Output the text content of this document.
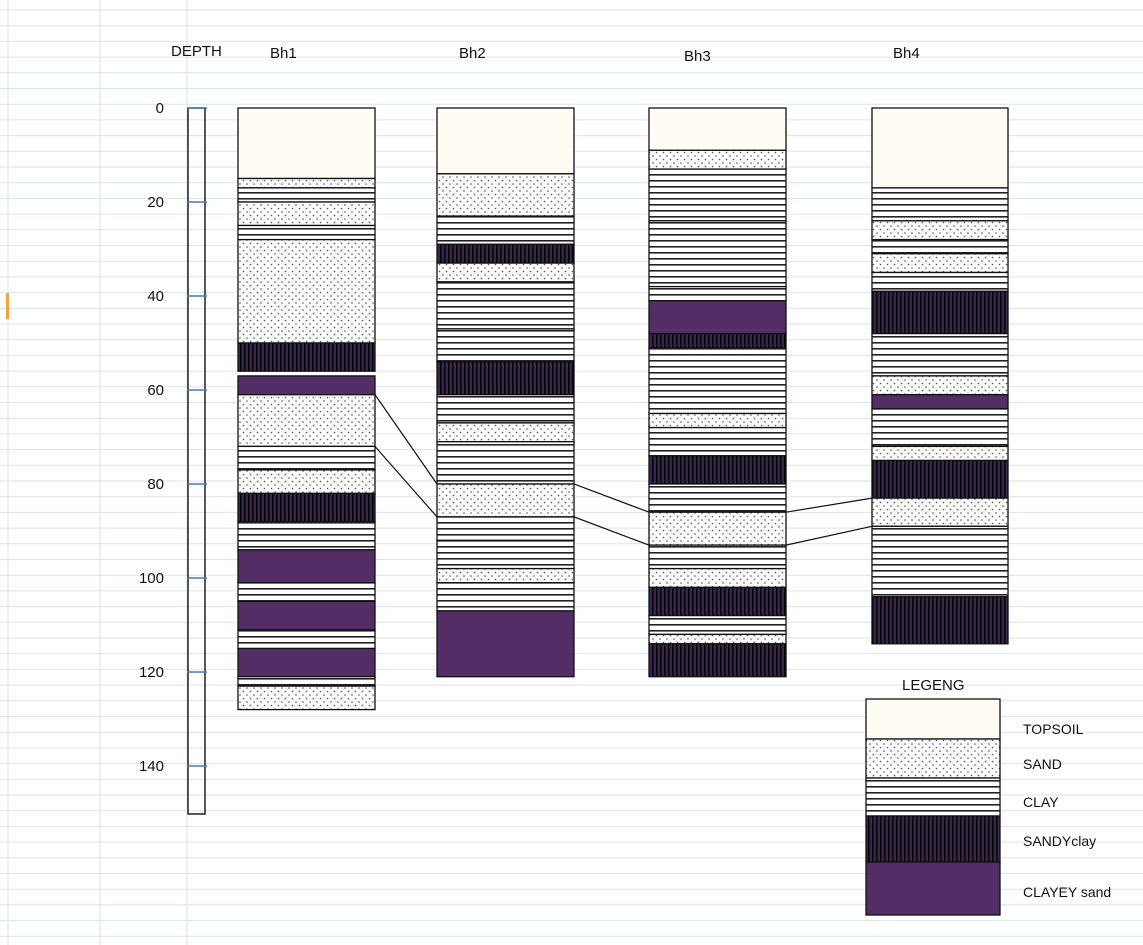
DEPTH	Bh1	Bh2	Bh3	Bh4
0
20
40
60
80
100
120
140
LEGENG
TOPSOIL
SAND
CLAY
SANDYclay
CLAYEY sand
